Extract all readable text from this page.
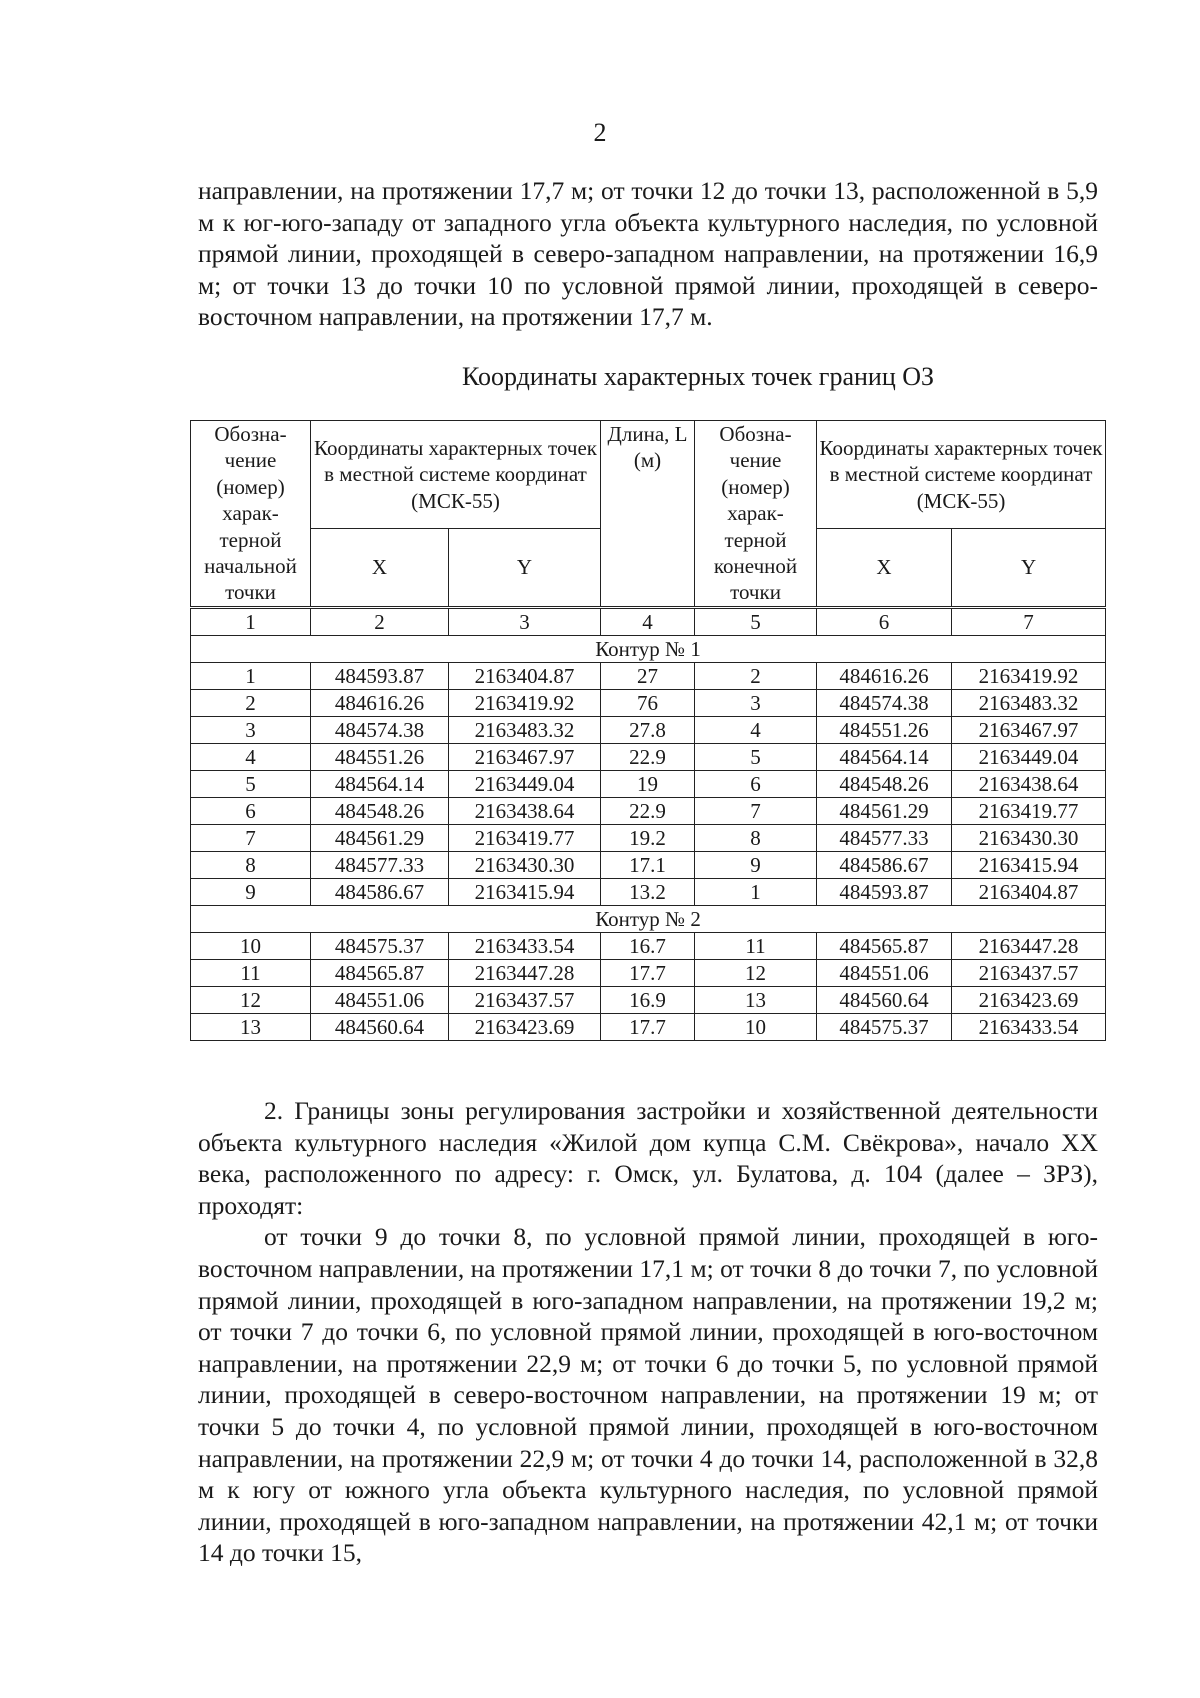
2

направлении, на протяжении 17,7 м; от точки 12 до точки 13, расположенной в 5,9 м к юг-юго-западу от западного угла объекта культурного наследия, по условной прямой линии, проходящей в северо-западном направлении, на протяжении 16,9 м; от точки 13 до точки 10 по условной прямой линии, проходящей в северо-восточном направлении, на протяжении 17,7 м.

Координаты характерных точек границ ОЗ
Обозна-чение (номер) харак-терной начальной точки	Координаты характерных точек в местной системе координат (МСК-55)		Длина, L (м)	Обозна-чение (номер) харак-терной конечной точки	Координаты характерных точек в местной системе координат (МСК-55)	
	X	Y			X	Y
1	2	3	4	5	6	7
Контур № 1						
1	484593.87	2163404.87	27	2	484616.26	2163419.92
2	484616.26	2163419.92	76	3	484574.38	2163483.32
3	484574.38	2163483.32	27.8	4	484551.26	2163467.97
4	484551.26	2163467.97	22.9	5	484564.14	2163449.04
5	484564.14	2163449.04	19	6	484548.26	2163438.64
6	484548.26	2163438.64	22.9	7	484561.29	2163419.77
7	484561.29	2163419.77	19.2	8	484577.33	2163430.30
8	484577.33	2163430.30	17.1	9	484586.67	2163415.94
9	484586.67	2163415.94	13.2	1	484593.87	2163404.87
Контур № 2						
10	484575.37	2163433.54	16.7	11	484565.87	2163447.28
11	484565.87	2163447.28	17.7	12	484551.06	2163437.57
12	484551.06	2163437.57	16.9	13	484560.64	2163423.69
13	484560.64	2163423.69	17.7	10	484575.37	2163433.54

2. Границы зоны регулирования застройки и хозяйственной деятельности объекта культурного наследия «Жилой дом купца С.М. Свёкрова», начало XX века, расположенного по адресу: г. Омск, ул. Булатова, д. 104 (далее – ЗРЗ), проходят:
от точки 9 до точки 8, по условной прямой линии, проходящей в юго-восточном направлении, на протяжении 17,1 м; от точки 8 до точки 7, по условной прямой линии, проходящей в юго-западном направлении, на протяжении 19,2 м; от точки 7 до точки 6, по условной прямой линии, проходящей в юго-восточном направлении, на протяжении 22,9 м; от точки 6 до точки 5, по условной прямой линии, проходящей в северо-восточном направлении, на протяжении 19 м; от точки 5 до точки 4, по условной прямой линии, проходящей в юго-восточном направлении, на протяжении 22,9 м; от точки 4 до точки 14, расположенной в 32,8 м к югу от южного угла объекта культурного наследия, по условной прямой линии, проходящей в юго-западном направлении, на протяжении 42,1 м; от точки 14 до точки 15,
